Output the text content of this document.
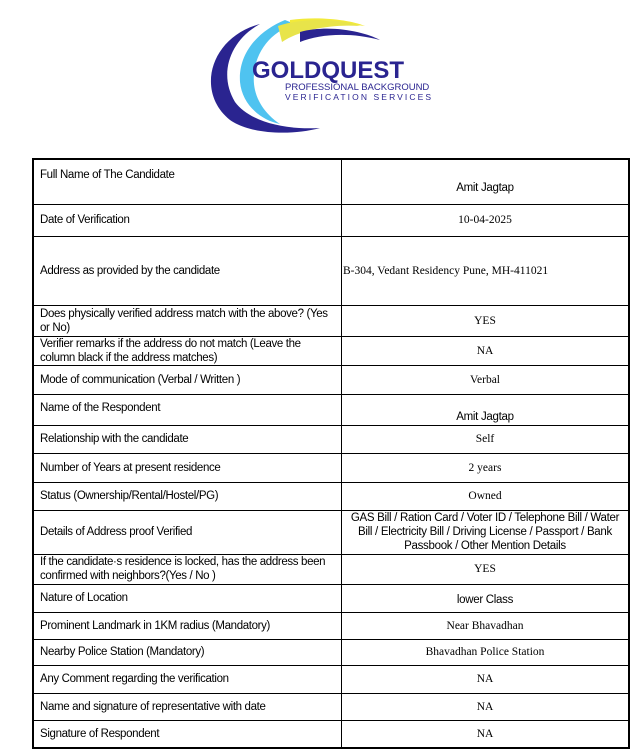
GOLDQUEST
PROFESSIONAL BACKGROUND
VERIFICATION SERVICES
Full Name of The Candidate	Amit Jagtap
Date of Verification	10-04-2025
Address as provided by the candidate	B-304, Vedant Residency Pune, MH-411021
Does physically verified address match with the above? (Yes or No)	YES
Verifier remarks if the address do not match (Leave the column black if the address matches)	NA
Mode of communication (Verbal / Written )	Verbal
Name of the Respondent	Amit Jagtap
Relationship with the candidate	Self
Number of Years at present residence	2 years
Status (Ownership/Rental/Hostel/PG)	Owned
Details of Address proof Verified	GAS Bill / Ration Card / Voter ID / Telephone Bill / Water Bill / Electricity Bill / Driving License / Passport / Bank Passbook / Other Mention Details
If the candidate·s residence is locked, has the address been confirmed with neighbors?(Yes / No )	YES
Nature of Location	lower Class
Prominent Landmark in 1KM radius (Mandatory)	Near Bhavadhan
Nearby Police Station (Mandatory)	Bhavadhan Police Station
Any Comment regarding the verification	NA
Name and signature of representative with date	NA
Signature of Respondent	NA
